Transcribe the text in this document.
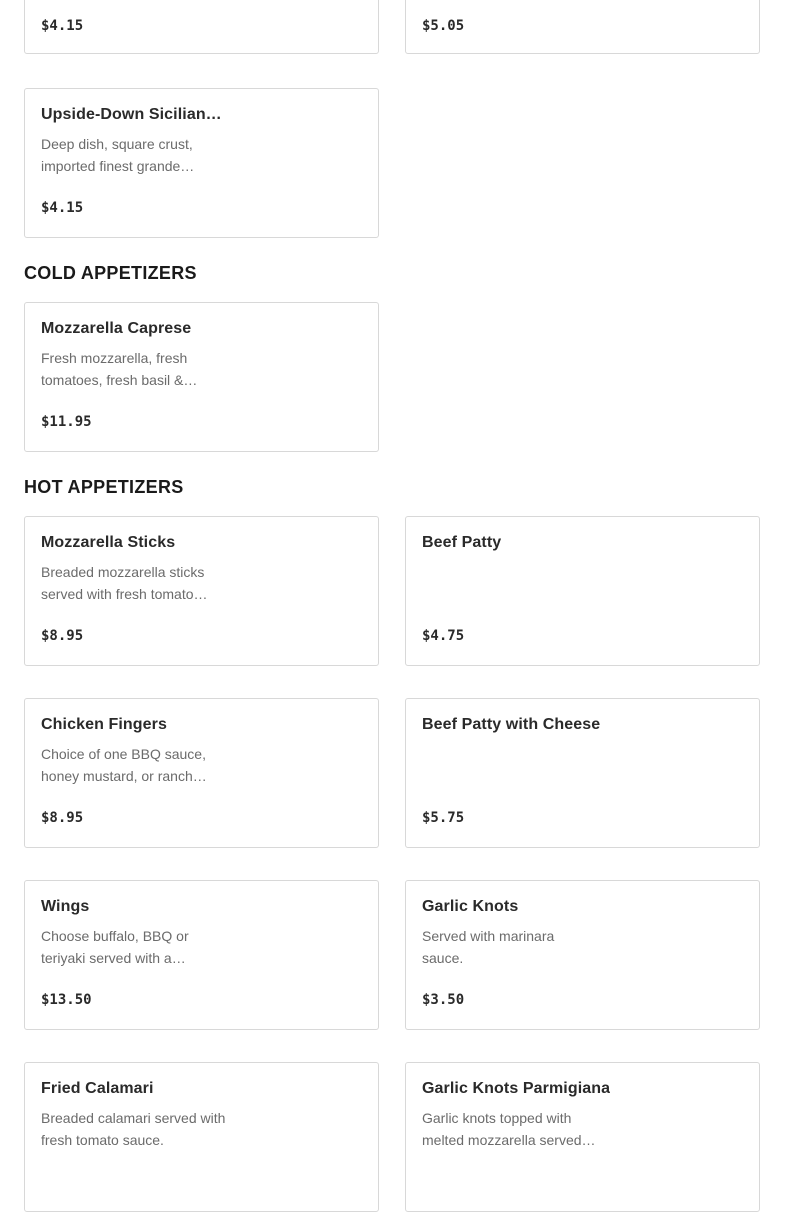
$4.15	$5.05
Upside-Down Sicilian…
Deep dish, square crust, imported finest grande…
$4.15
COLD APPETIZERS
Mozzarella Caprese
Fresh mozzarella, fresh tomatoes, fresh basil &…
$11.95
HOT APPETIZERS
Mozzarella Sticks
Breaded mozzarella sticks served with fresh tomato…
$8.95
Beef Patty
$4.75
Chicken Fingers
Choice of one BBQ sauce, honey mustard, or ranch…
$8.95
Beef Patty with Cheese
$5.75
Wings
Choose buffalo, BBQ or teriyaki served with a…
$13.50
Garlic Knots
Served with marinara sauce.
$3.50
Fried Calamari
Breaded calamari served with fresh tomato sauce.
Garlic Knots Parmigiana
Garlic knots topped with melted mozzarella served…
